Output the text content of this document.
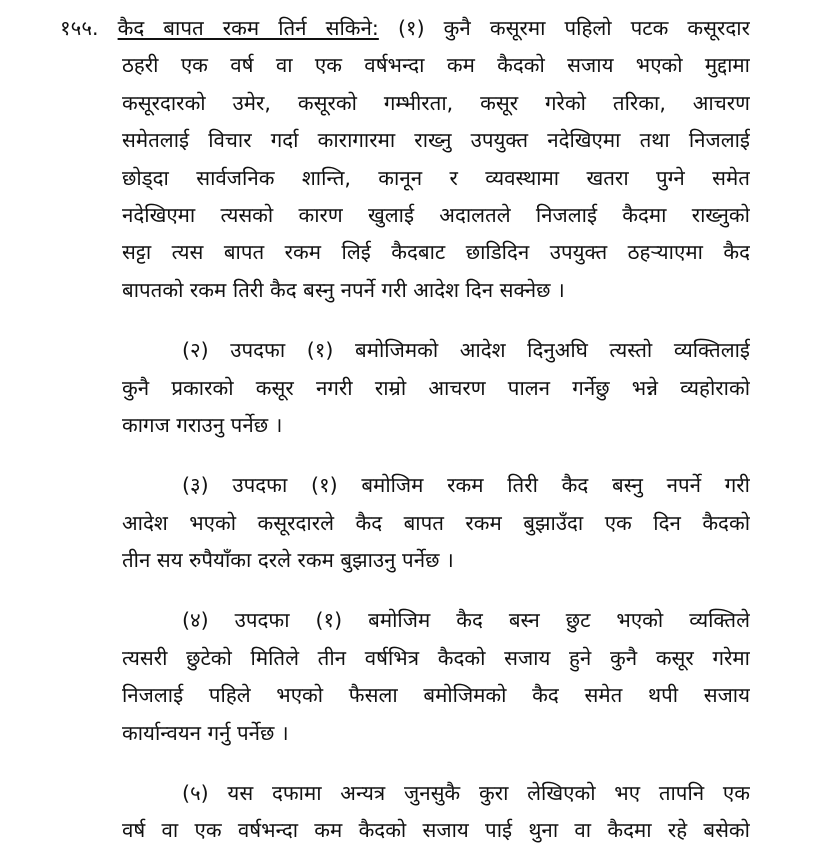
१५५. कैद बापत रकम तिर्न सकिने: (१) कुनै कसूरमा पहिलो पटक कसूरदार
ठहरी एक वर्ष वा एक वर्षभन्दा कम कैदको सजाय भएको मुद्दामा
कसूरदारको उमेर, कसूरको गम्भीरता, कसूर गरेको तरिका, आचरण
समेतलाई विचार गर्दा कारागारमा राख्नु उपयुक्त नदेखिएमा तथा निजलाई
छोड्दा सार्वजनिक शान्ति, कानून र व्यवस्थामा खतरा पुग्ने समेत
नदेखिएमा त्यसको कारण खुलाई अदालतले निजलाई कैदमा राख्नुको
सट्टा त्यस बापत रकम लिई कैदबाट छाडिदिन उपयुक्त ठहऱ्याएमा कैद
बापतको रकम तिरी कैद बस्नु नपर्ने गरी आदेश दिन सक्नेछ ।
(२) उपदफा (१) बमोजिमको आदेश दिनुअघि त्यस्तो व्यक्तिलाई
कुनै प्रकारको कसूर नगरी राम्रो आचरण पालन गर्नेछु भन्ने व्यहोराको
कागज गराउनु पर्नेछ ।
(३) उपदफा (१) बमोजिम रकम तिरी कैद बस्नु नपर्ने गरी
आदेश भएको कसूरदारले कैद बापत रकम बुझाउँदा एक दिन कैदको
तीन सय रुपैयाँका दरले रकम बुझाउनु पर्नेछ ।
(४) उपदफा (१) बमोजिम कैद बस्न छुट भएको व्यक्तिले
त्यसरी छुटेको मितिले तीन वर्षभित्र कैदको सजाय हुने कुनै कसूर गरेमा
निजलाई पहिले भएको फैसला बमोजिमको कैद समेत थपी सजाय
कार्यान्वयन गर्नु पर्नेछ ।
(५) यस दफामा अन्यत्र जुनसुकै कुरा लेखिएको भए तापनि एक
वर्ष वा एक वर्षभन्दा कम कैदको सजाय पाई थुना वा कैदमा रहे बसेको
